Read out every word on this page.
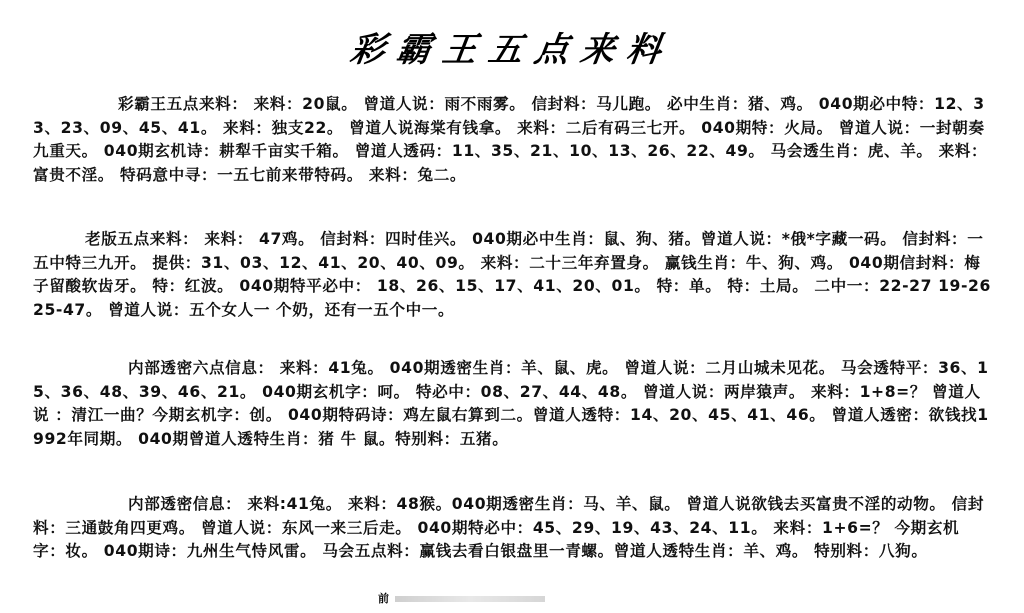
彩霸王五点来料

彩霸王五点来料： 来料：20鼠。 曾道人说：雨不雨雾。 信封料：马儿跑。 必中生肖：猪、鸡。 040期必中特：12、33、23、09、45、41。 来料：独支22。 曾道人说海棠有钱拿。 来料：二后有码三七开。 040期特：火局。 曾道人说：一封朝奏九重天。 040期玄机诗：耕犁千亩实千箱。 曾道人透码：11、35、21、10、13、26、22、49。 马会透生肖：虎、羊。 来料：富贵不淫。 特码意中寻：一五七前来带特码。 来料：兔二。

老版五点来料： 来料： 47鸡。 信封料：四时佳兴。 040期必中生肖：鼠、狗、猪。曾道人说：*俄*字藏一码。 信封料：一五中特三九开。 提供：31、03、12、41、20、40、09。 来料：二十三年弃置身。 赢钱生肖：牛、狗、鸡。 040期信封料：梅子留酸软齿牙。 特：红波。 040期特平必中： 18、26、15、17、41、20、01。 特：单。 特：土局。 二中一：22-27 19-26 25-47。 曾道人说：五个女人一 个奶，还有一五个中一。

内部透密六点信息： 来料：41兔。 040期透密生肖：羊、鼠、虎。 曾道人说：二月山城未见花。 马会透特平：36、15、36、48、39、46、21。 040期玄机字：呵。 特必中：08、27、44、48。 曾道人说：两岸猿声。 来料：1+8=？ 曾道人说 ：清江一曲？今期玄机字：创。 040期特码诗：鸡左鼠右算到二。曾道人透特：14、20、45、41、46。 曾道人透密：欲钱找1992年同期。 040期曾道人透特生肖：猪 牛 鼠。特别料：五猪。

内部透密信息： 来料:41兔。 来料：48猴。040期透密生肖：马、羊、鼠。 曾道人说欲钱去买富贵不淫的动物。 信封料：三通鼓角四更鸡。 曾道人说：东风一来三后走。 040期特必中：45、29、19、43、24、11。 来料：1+6=？ 今期玄机字：妆。 040期诗：九州生气恃风雷。 马会五点料：赢钱去看白银盘里一青螺。曾道人透特生肖：羊、鸡。 特别料：八狗。

前
